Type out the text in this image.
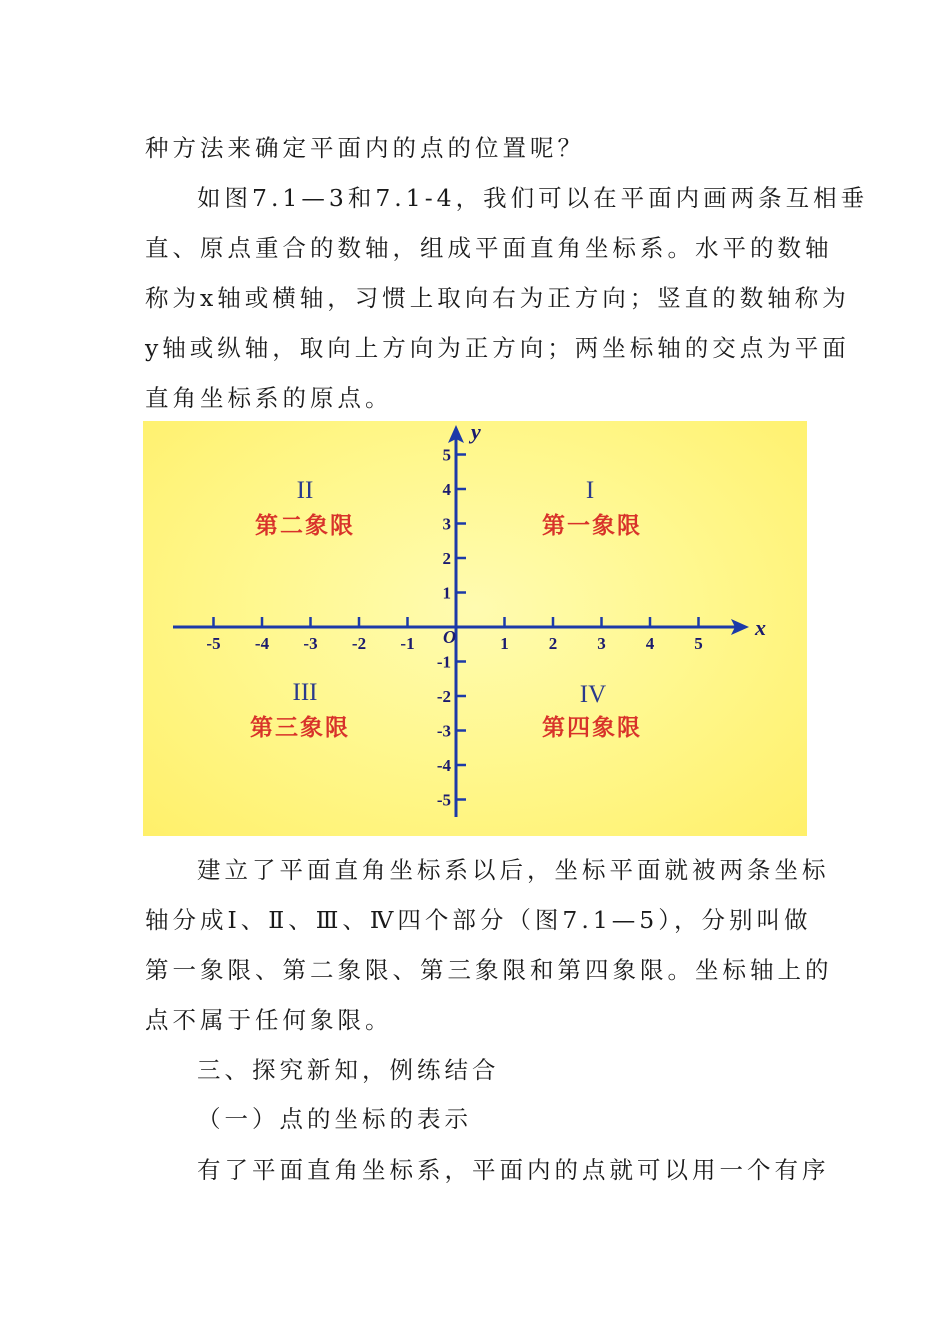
种方法来确定平面内的点的位置呢？

如图7.1—3和7.1-4，我们可以在平面内画两条互相垂

直、原点重合的数轴，组成平面直角坐标系。水平的数轴

称为x轴或横轴，习惯上取向右为正方向；竖直的数轴称为

y轴或纵轴，取向上方向为正方向；两坐标轴的交点为平面

直角坐标系的原点。

-5 -4 -3 -2 -1	1 2 3 4 5
5
4
3
2
1
-1
-2
-3
-4
-5
x
y
O
II
第二象限
I
第一象限
III
第三象限
IV
第四象限

建立了平面直角坐标系以后，坐标平面就被两条坐标

轴分成Ⅰ、Ⅱ、Ⅲ、Ⅳ四个部分（图7.1—5），分别叫做

第一象限、第二象限、第三象限和第四象限。坐标轴上的

点不属于任何象限。

三、探究新知，例练结合

（一）点的坐标的表示

有了平面直角坐标系，平面内的点就可以用一个有序
